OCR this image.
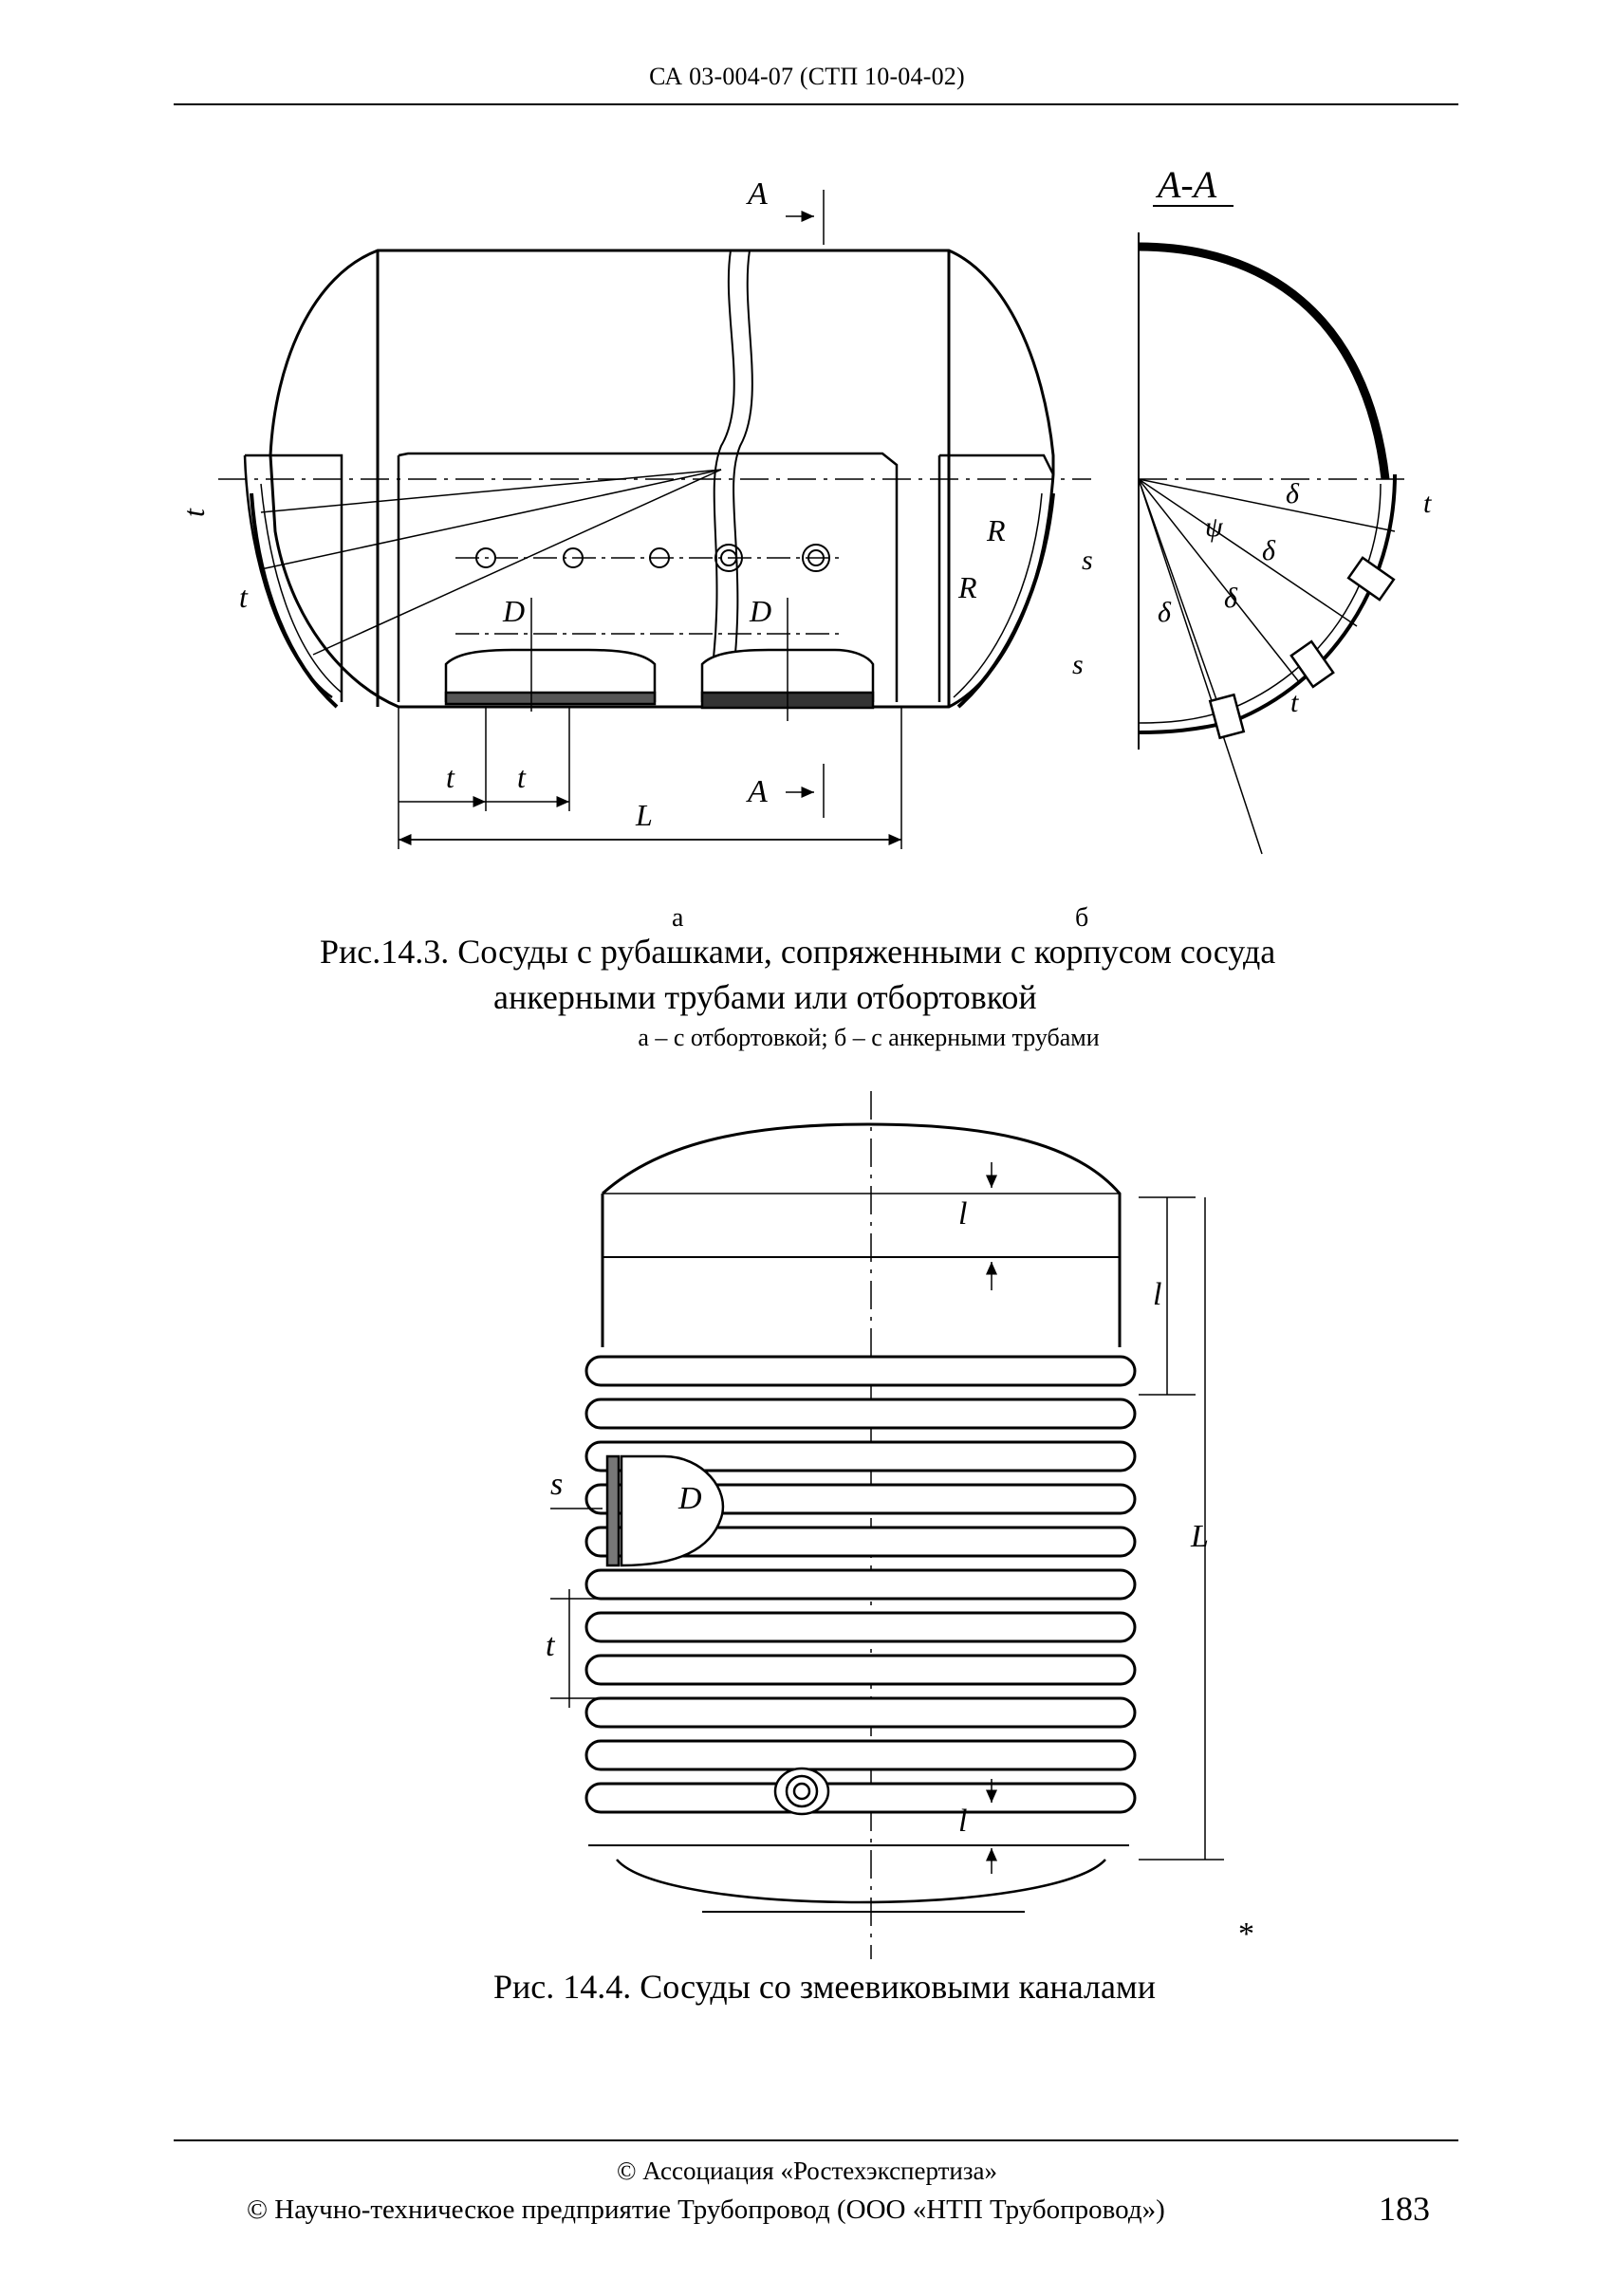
СА 03-004-07 (СТП 10-04-02)
A
A
A-A
t
t	D	D
t t
L
R
R
s
s
ψ
δ
δ
δ
δ
t
t
а	б
Рис.14.3. Сосуды с рубашками, сопряженными с корпусом сосуда
анкерными трубами или отбортовкой
а – с отбортовкой; б – с анкерными трубами
l
l
L
s	D
t
l
*
Рис. 14.4. Сосуды со змеевиковыми каналами
© Ассоциация «Ростехэкспертиза»
© Научно-техническое предприятие Трубопровод (ООО «НТП Трубопровод»)	183
